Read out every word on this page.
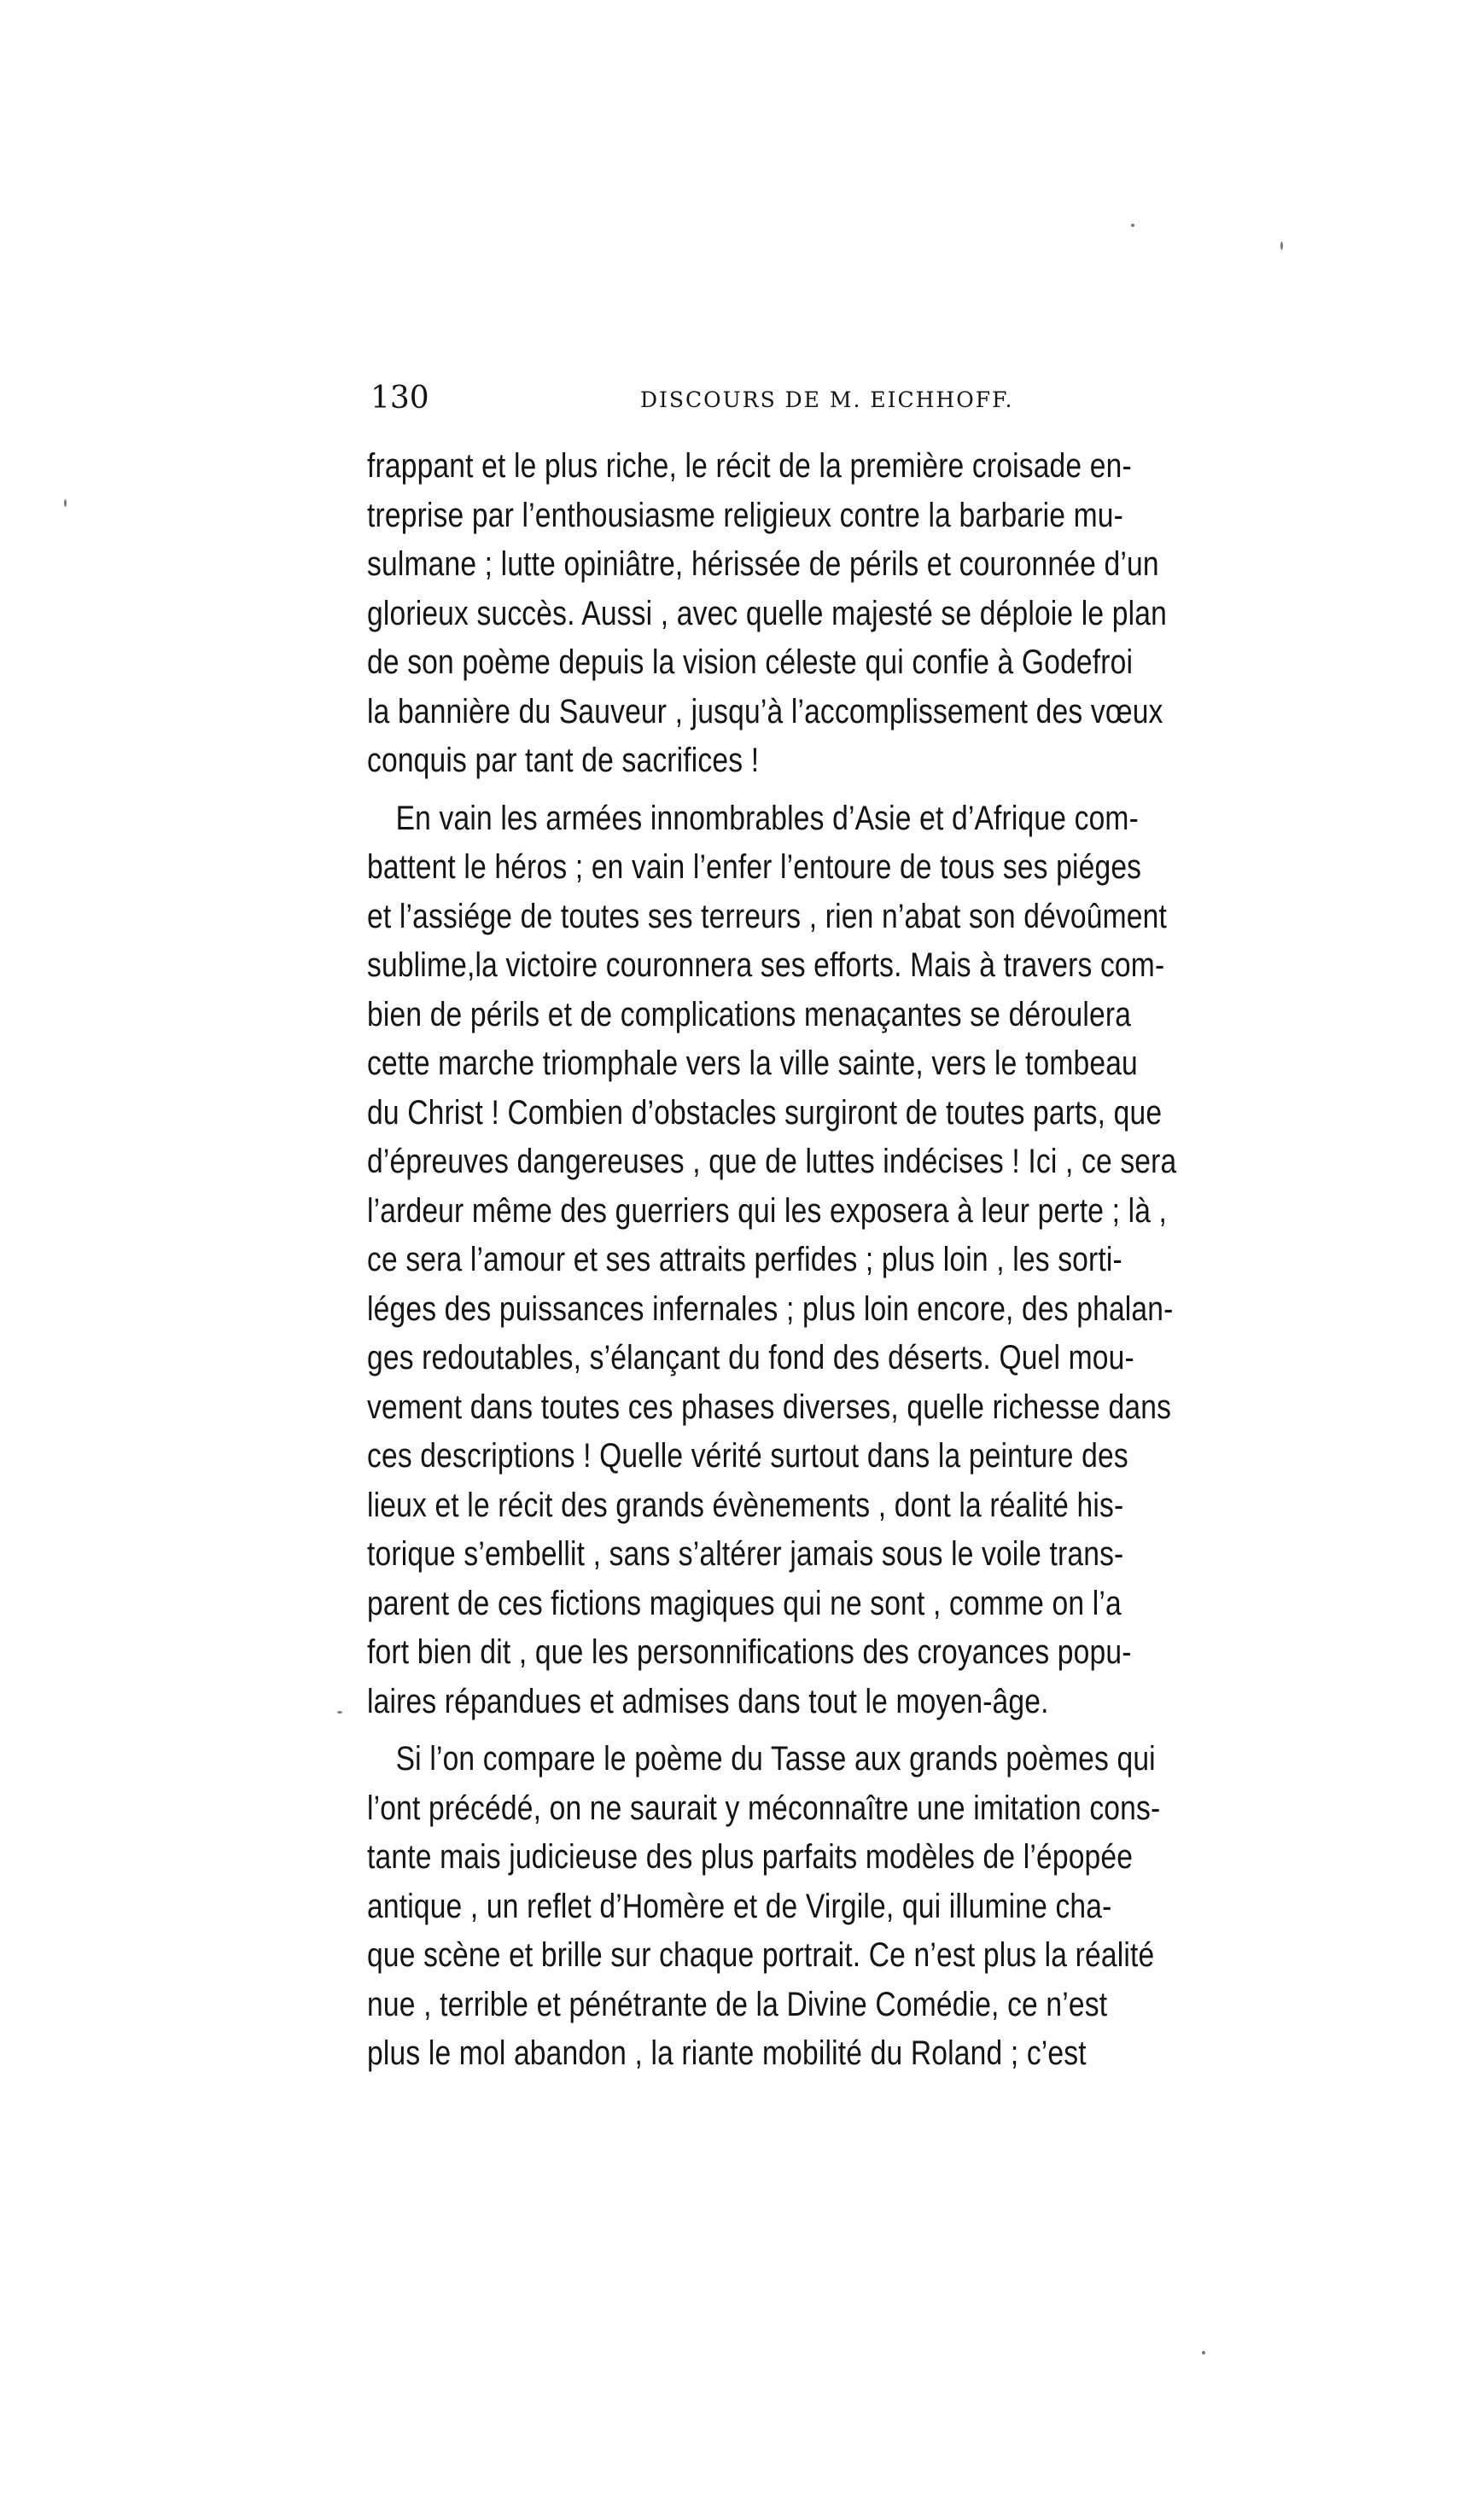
130	DISCOURS DE M. EICHHOFF.
frappant et le plus riche, le récit de la première croisade en-
treprise par l’enthousiasme religieux contre la barbarie mu-
sulmane ; lutte opiniâtre, hérissée de périls et couronnée d’un
glorieux succès. Aussi , avec quelle majesté se déploie le plan
de son poème depuis la vision céleste qui confie à Godefroi
la bannière du Sauveur , jusqu’à l’accomplissement des vœux
conquis par tant de sacrifices !
En vain les armées innombrables d’Asie et d’Afrique com-
battent le héros ; en vain l’enfer l’entoure de tous ses piéges
et l’assiége de toutes ses terreurs , rien n’abat son dévoûment
sublime,la victoire couronnera ses efforts. Mais à travers com-
bien de périls et de complications menaçantes se déroulera
cette marche triomphale vers la ville sainte, vers le tombeau
du Christ ! Combien d’obstacles surgiront de toutes parts, que
d’épreuves dangereuses , que de luttes indécises ! Ici , ce sera
l’ardeur même des guerriers qui les exposera à leur perte ; là ,
ce sera l’amour et ses attraits perfides ; plus loin , les sorti-
léges des puissances infernales ; plus loin encore, des phalan-
ges redoutables, s’élançant du fond des déserts. Quel mou-
vement dans toutes ces phases diverses, quelle richesse dans
ces descriptions ! Quelle vérité surtout dans la peinture des
lieux et le récit des grands évènements , dont la réalité his-
torique s’embellit , sans s’altérer jamais sous le voile trans-
parent de ces fictions magiques qui ne sont , comme on l’a
fort bien dit , que les personnifications des croyances popu-
laires répandues et admises dans tout le moyen-âge.
Si l’on compare le poème du Tasse aux grands poèmes qui
l’ont précédé, on ne saurait y méconnaître une imitation cons-
tante mais judicieuse des plus parfaits modèles de l’épopée
antique , un reflet d’Homère et de Virgile, qui illumine cha-
que scène et brille sur chaque portrait. Ce n’est plus la réalité
nue , terrible et pénétrante de la Divine Comédie, ce n’est
plus le mol abandon , la riante mobilité du Roland ; c’est
